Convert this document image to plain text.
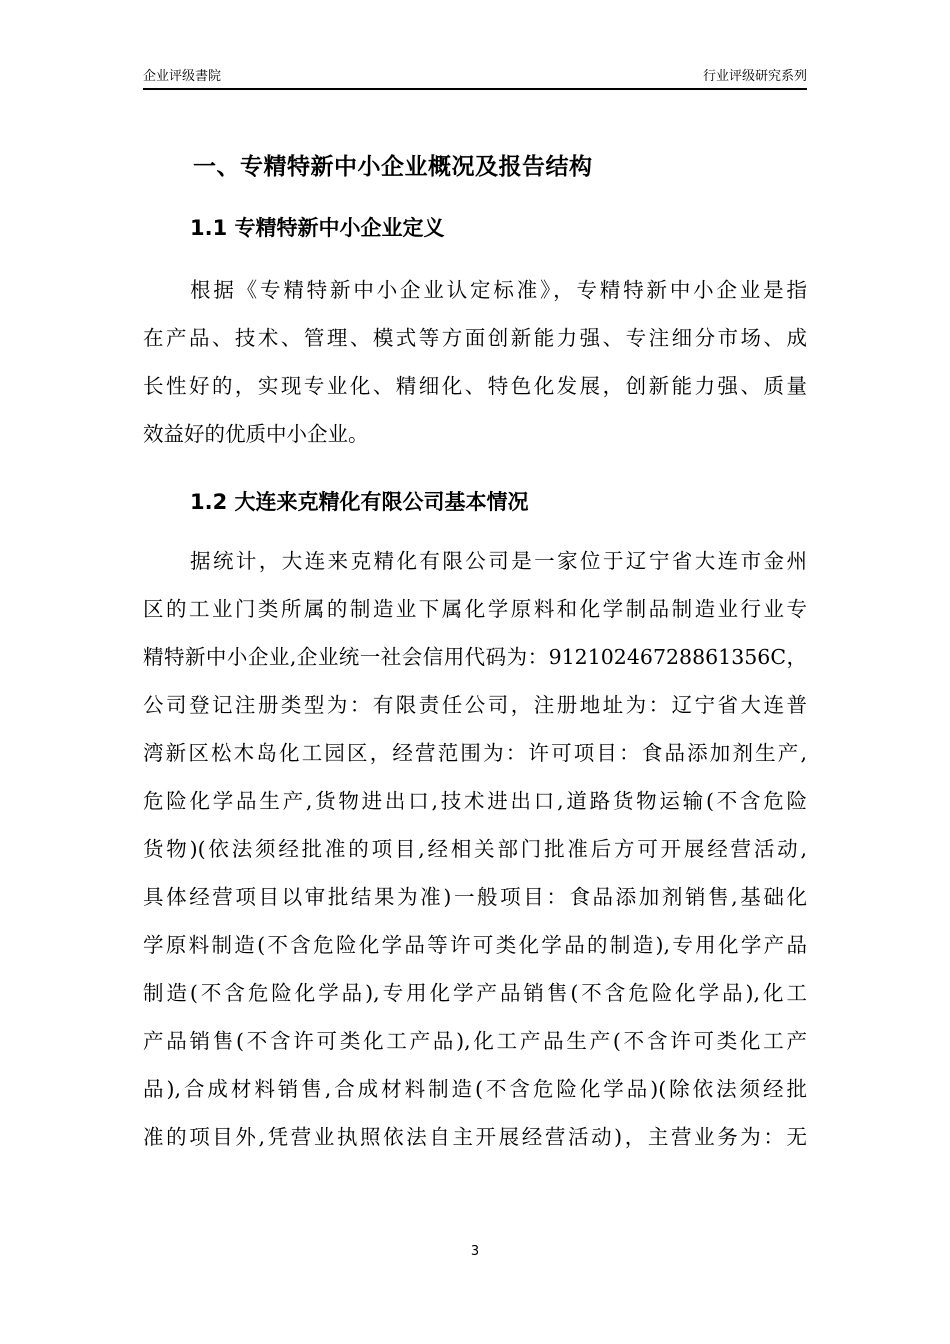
企业评级書院	行业评级研究系列
一、专精特新中小企业概况及报告结构
1.1 专精特新中小企业定义
根据《专精特新中小企业认定标准》，专精特新中小企业是指
在产品、技术、管理、模式等方面创新能力强、专注细分市场、成
长性好的，实现专业化、精细化、特色化发展，创新能力强、质量
效益好的优质中小企业。
1.2 大连来克精化有限公司基本情况
据统计，大连来克精化有限公司是一家位于辽宁省大连市金州
区的工业门类所属的制造业下属化学原料和化学制品制造业行业专
精特新中小企业,企业统一社会信用代码为：91210246728861356C，
公司登记注册类型为：有限责任公司，注册地址为：辽宁省大连普
湾新区松木岛化工园区，经营范围为：许可项目：食品添加剂生产,
危险化学品生产,货物进出口,技术进出口,道路货物运输(不含危险
货物)(依法须经批准的项目,经相关部门批准后方可开展经营活动,
具体经营项目以审批结果为准)一般项目：食品添加剂销售,基础化
学原料制造(不含危险化学品等许可类化学品的制造),专用化学产品
制造(不含危险化学品),专用化学产品销售(不含危险化学品),化工
产品销售(不含许可类化工产品),化工产品生产(不含许可类化工产
品),合成材料销售,合成材料制造(不含危险化学品)(除依法须经批
准的项目外,凭营业执照依法自主开展经营活动)，主营业务为：无
3
